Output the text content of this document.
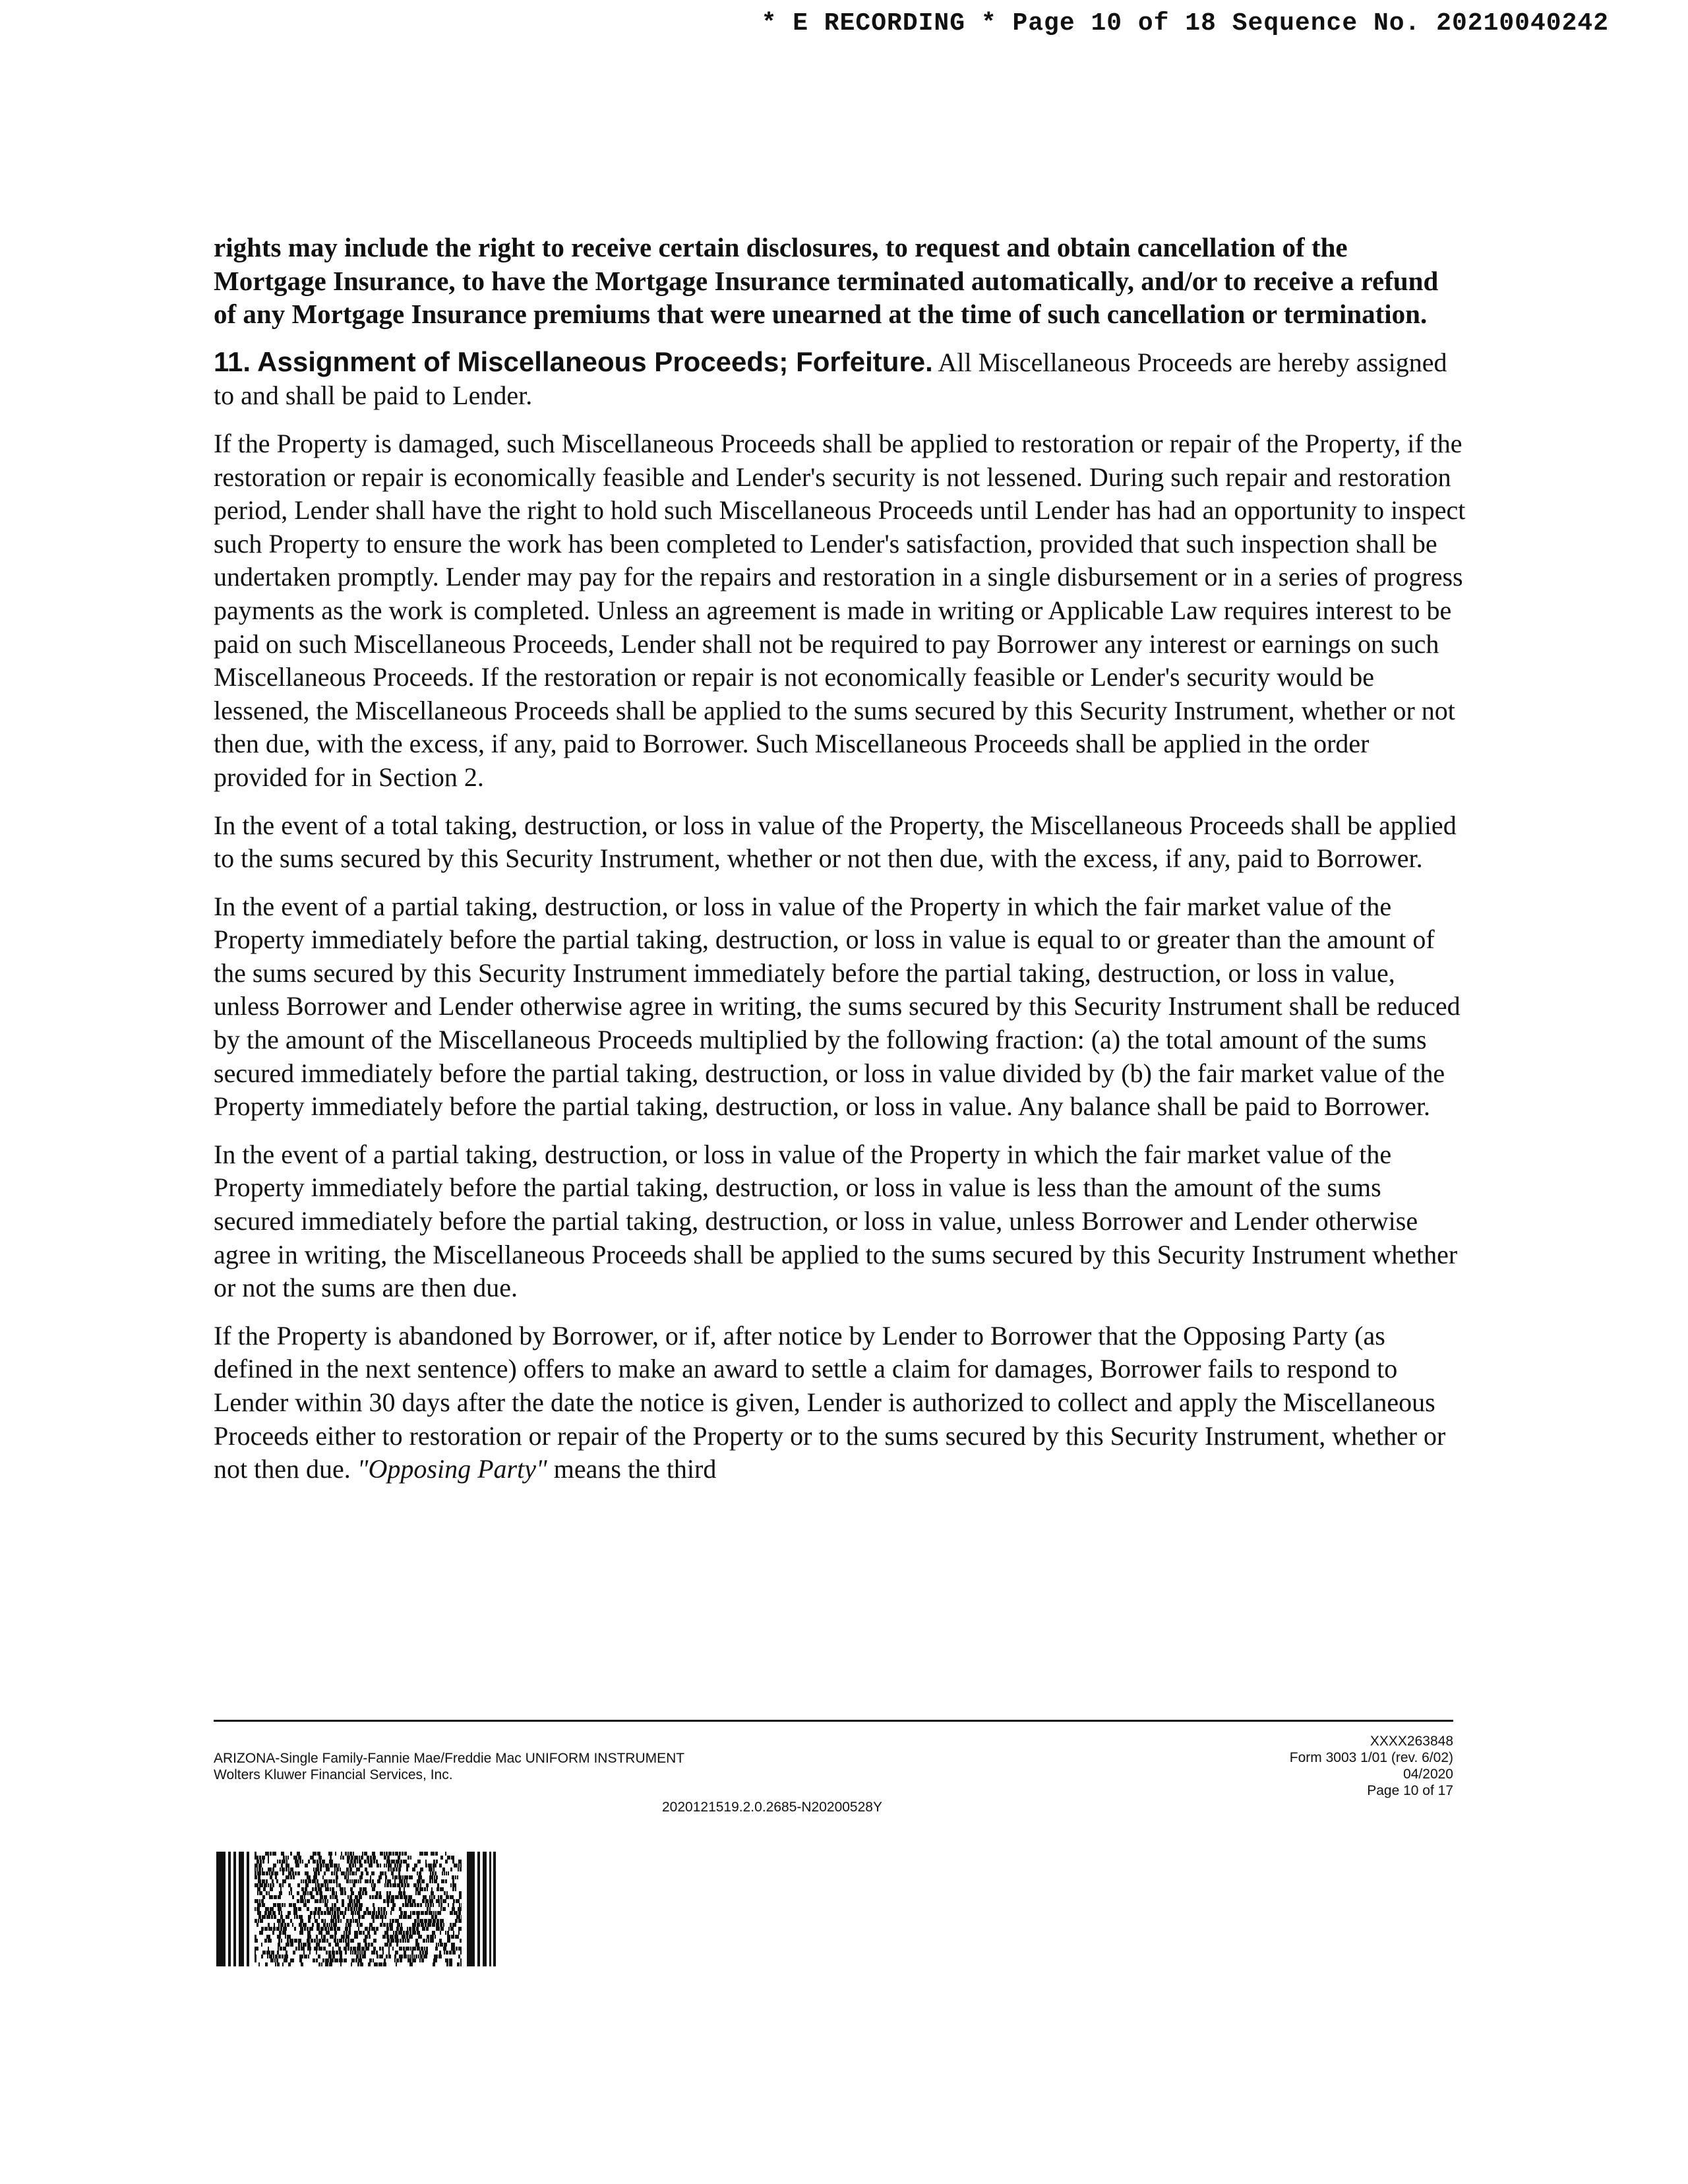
* E RECORDING * Page 10 of 18 Sequence No. 20210040242

rights may include the right to receive certain disclosures, to request and obtain cancellation of the Mortgage Insurance, to have the Mortgage Insurance terminated automatically, and/or to receive a refund of any Mortgage Insurance premiums that were unearned at the time of such cancellation or termination.

11. Assignment of Miscellaneous Proceeds; Forfeiture. All Miscellaneous Proceeds are hereby assigned to and shall be paid to Lender.

If the Property is damaged, such Miscellaneous Proceeds shall be applied to restoration or repair of the Property, if the restoration or repair is economically feasible and Lender's security is not lessened. During such repair and restoration period, Lender shall have the right to hold such Miscellaneous Proceeds until Lender has had an opportunity to inspect such Property to ensure the work has been completed to Lender's satisfaction, provided that such inspection shall be undertaken promptly. Lender may pay for the repairs and restoration in a single disbursement or in a series of progress payments as the work is completed. Unless an agreement is made in writing or Applicable Law requires interest to be paid on such Miscellaneous Proceeds, Lender shall not be required to pay Borrower any interest or earnings on such Miscellaneous Proceeds. If the restoration or repair is not economically feasible or Lender's security would be lessened, the Miscellaneous Proceeds shall be applied to the sums secured by this Security Instrument, whether or not then due, with the excess, if any, paid to Borrower. Such Miscellaneous Proceeds shall be applied in the order provided for in Section 2.

In the event of a total taking, destruction, or loss in value of the Property, the Miscellaneous Proceeds shall be applied to the sums secured by this Security Instrument, whether or not then due, with the excess, if any, paid to Borrower.

In the event of a partial taking, destruction, or loss in value of the Property in which the fair market value of the Property immediately before the partial taking, destruction, or loss in value is equal to or greater than the amount of the sums secured by this Security Instrument immediately before the partial taking, destruction, or loss in value, unless Borrower and Lender otherwise agree in writing, the sums secured by this Security Instrument shall be reduced by the amount of the Miscellaneous Proceeds multiplied by the following fraction: (a) the total amount of the sums secured immediately before the partial taking, destruction, or loss in value divided by (b) the fair market value of the Property immediately before the partial taking, destruction, or loss in value. Any balance shall be paid to Borrower.

In the event of a partial taking, destruction, or loss in value of the Property in which the fair market value of the Property immediately before the partial taking, destruction, or loss in value is less than the amount of the sums secured immediately before the partial taking, destruction, or loss in value, unless Borrower and Lender otherwise agree in writing, the Miscellaneous Proceeds shall be applied to the sums secured by this Security Instrument whether or not the sums are then due.

If the Property is abandoned by Borrower, or if, after notice by Lender to Borrower that the Opposing Party (as defined in the next sentence) offers to make an award to settle a claim for damages, Borrower fails to respond to Lender within 30 days after the date the notice is given, Lender is authorized to collect and apply the Miscellaneous Proceeds either to restoration or repair of the Property or to the sums secured by this Security Instrument, whether or not then due. "Opposing Party" means the third

ARIZONA-Single Family-Fannie Mae/Freddie Mac UNIFORM INSTRUMENT
Wolters Kluwer Financial Services, Inc.
2020121519.2.0.2685-N20200528Y
XXXX263848
Form 3003 1/01 (rev. 6/02)
04/2020
Page 10 of 17
